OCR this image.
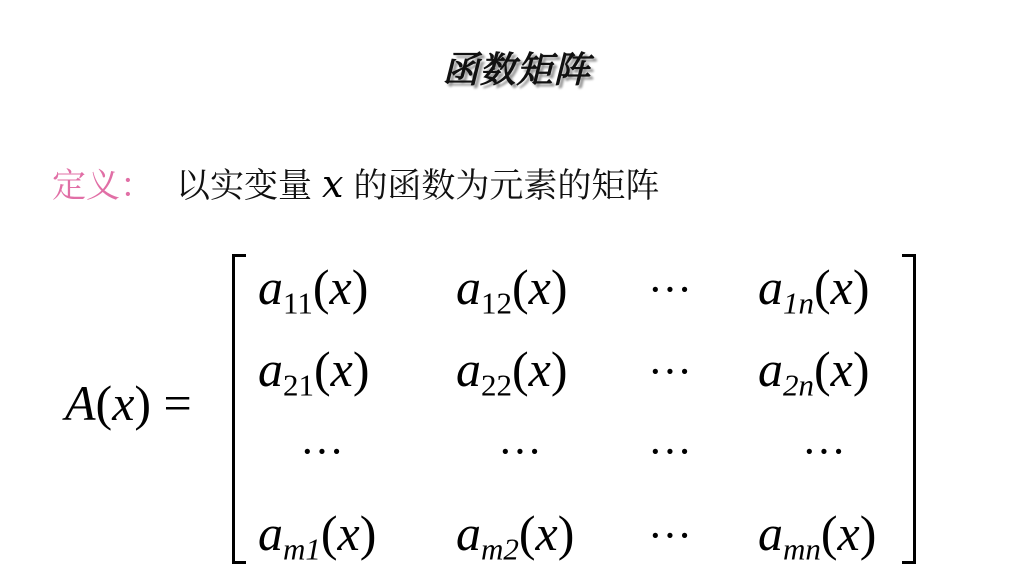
函数矩阵
定义： 以实变量 x 的函数为元素的矩阵
A(x) =
$a_{11}(x)$ $a_{12}(x)$ ··· $a_{1n}(x)$
$a_{21}(x)$ $a_{22}(x)$ ··· $a_{2n}(x)$
···	··· ···	···
$a_{m1}(x)$ $a_{m2}(x)$ ··· $a_{mn}(x)$
